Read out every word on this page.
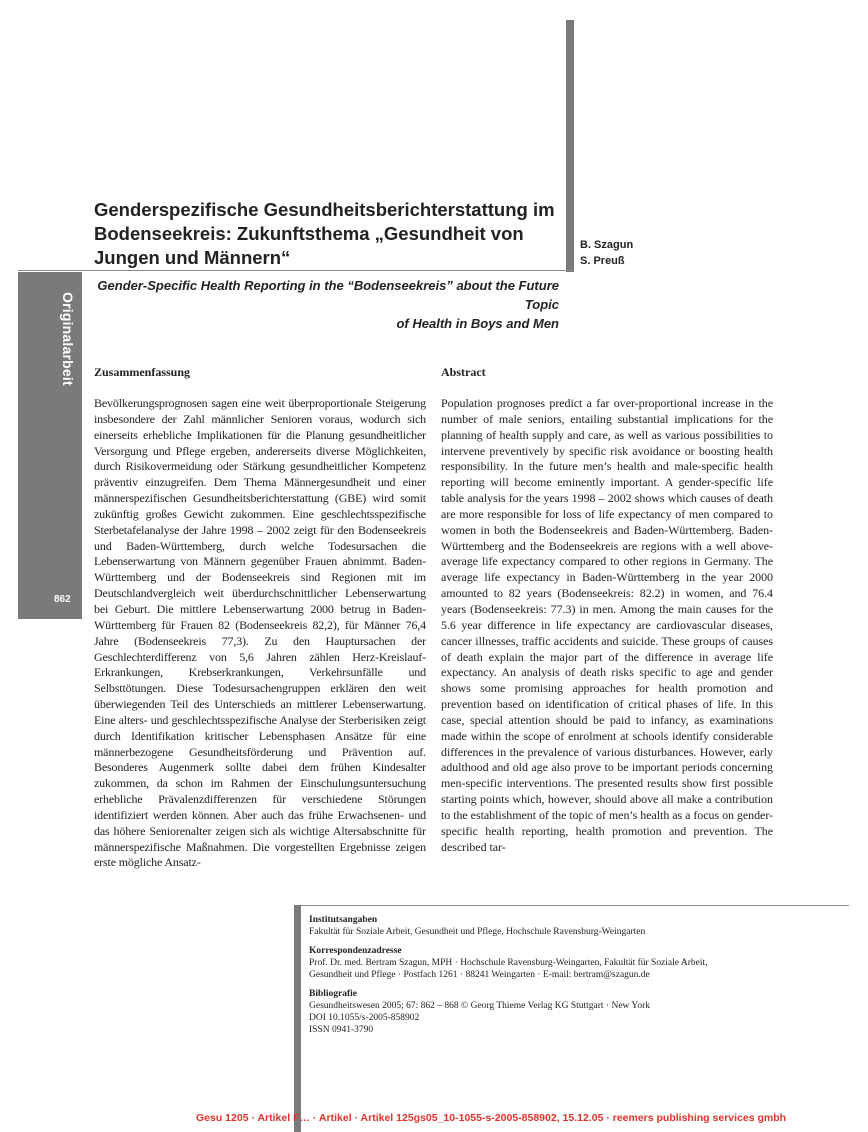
Originalarbeit
862
Genderspezifische Gesundheitsberichterstattung im Bodenseekreis: Zukunftsthema „Gesundheit von Jungen und Männern“
B. Szagun
S. Preuß
Gender-Specific Health Reporting in the “Bodenseekreis” about the Future Topic
of Health in Boys and Men
Zusammenfassung

Bevölkerungsprognosen sagen eine weit überproportionale Steigerung insbesondere der Zahl männlicher Senioren voraus, wodurch sich einerseits erhebliche Implikationen für die Planung gesundheitlicher Versorgung und Pflege ergeben, andererseits diverse Möglichkeiten, durch Risikovermeidung oder Stärkung gesundheitlicher Kompetenz präventiv einzugreifen. Dem Thema Männergesundheit und einer männerspezifischen Gesundheitsberichterstattung (GBE) wird somit zukünftig großes Gewicht zukommen. Eine geschlechtsspezifische Sterbetafelanalyse der Jahre 1998 – 2002 zeigt für den Bodenseekreis und Baden-Württemberg, durch welche Todesursachen die Lebenserwartung von Männern gegenüber Frauen abnimmt. Baden-Württemberg und der Bodenseekreis sind Regionen mit im Deutschlandvergleich weit überdurchschnittlicher Lebenserwartung bei Geburt. Die mittlere Lebenserwartung 2000 betrug in Baden-Württemberg für Frauen 82 (Bodenseekreis 82,2), für Männer 76,4 Jahre (Bodenseekreis 77,3). Zu den Hauptursachen der Geschlechterdifferenz von 5,6 Jahren zählen Herz-Kreislauf-Erkrankungen, Krebserkrankungen, Verkehrsunfälle und Selbsttötungen. Diese Todesursachengruppen erklären den weit überwiegenden Teil des Unterschieds an mittlerer Lebenserwartung. Eine alters- und geschlechtsspezifische Analyse der Sterberisiken zeigt durch Identifikation kritischer Lebensphasen Ansätze für eine männerbezogene Gesundheitsförderung und Prävention auf. Besonderes Augenmerk sollte dabei dem frühen Kindesalter zukommen, da schon im Rahmen der Einschulungsuntersuchung erhebliche Prävalenzdifferenzen für verschiedene Störungen identifiziert werden können. Aber auch das frühe Erwachsenen- und das höhere Seniorenalter zeigen sich als wichtige Altersabschnitte für männerspezifische Maßnahmen. Die vorgestellten Ergebnisse zeigen erste mögliche Ansatz-

Abstract

Population prognoses predict a far over-proportional increase in the number of male seniors, entailing substantial implications for the planning of health supply and care, as well as various possibilities to intervene preventively by specific risk avoidance or boosting health responsibility. In the future men’s health and male-specific health reporting will become eminently important. A gender-specific life table analysis for the years 1998 – 2002 shows which causes of death are more responsible for loss of life expectancy of men compared to women in both the Bodenseekreis and Baden-Württemberg. Baden-Württemberg and the Bodenseekreis are regions with a well above-average life expectancy compared to other regions in Germany. The average life expectancy in Baden-Württemberg in the year 2000 amounted to 82 years (Bodenseekreis: 82.2) in women, and 76.4 years (Bodenseekreis: 77.3) in men. Among the main causes for the 5.6 year difference in life expectancy are cardiovascular diseases, cancer illnesses, traffic accidents and suicide. These groups of causes of death explain the major part of the difference in average life expectancy. An analysis of death risks specific to age and gender shows some promising approaches for health promotion and prevention based on identification of critical phases of life. In this case, special attention should be paid to infancy, as examinations made within the scope of enrolment at schools identify considerable differences in the prevalence of various disturbances. However, early adulthood and old age also prove to be important periods concerning men-specific interventions. The presented results show first possible starting points which, however, should above all make a contribution to the establishment of the topic of men’s health as a focus on gender-specific health reporting, health promotion and prevention. The described tar-

Institutsangaben
Fakultät für Soziale Arbeit, Gesundheit und Pflege, Hochschule Ravensburg-Weingarten
Korrespondenzadresse
Prof. Dr. med. Bertram Szagun, MPH · Hochschule Ravensburg-Weingarten, Fakultät für Soziale Arbeit,
Gesundheit und Pflege · Postfach 1261 · 88241 Weingarten · E-mail: bertram@szagun.de
Bibliografie
Gesundheitswesen 2005; 67: 862 – 868 © Georg Thieme Verlag KG Stuttgart · New York
DOI 10.1055/s-2005-858902
ISSN 0941-3790
Gesu 1205 · Artikel F… · Artikel · Artikel 125gs05_10-1055-s-2005-858902, 15.12.05 · reemers publishing services gmbh
